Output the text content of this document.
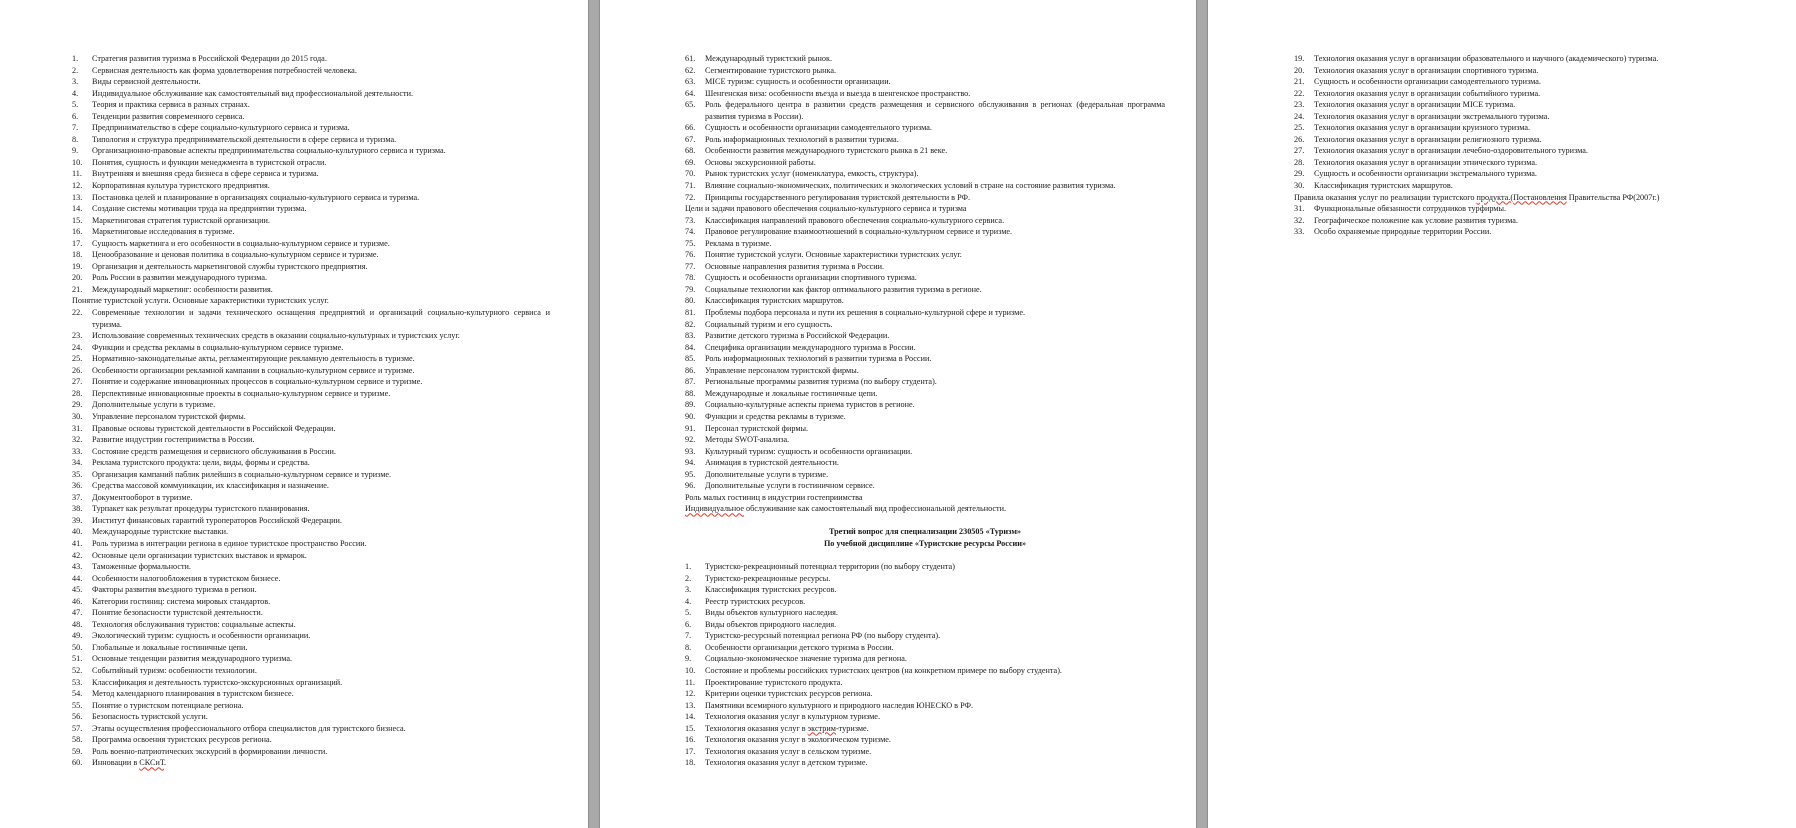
1.	Стратегия развития туризма в Российской Федерации до 2015 года.
2.	Сервисная деятельность как форма удовлетворения потребностей человека.
3.	Виды сервисной деятельности.
4.	Индивидуальное обслуживание как самостоятельный вид профессиональной деятельности.
5.	Теория и практика сервиса в разных странах.
6.	Тенденции развития современного сервиса.
7.	Предпринимательство в сфере социально-культурного сервиса и туризма.
8.	Типология и структура предпринимательской деятельности в сфере сервиса и туризма.
9.	Организационно-правовые аспекты предпринимательства социально-культурного сервиса и туризма.
10.	Понятия, сущность и функции менеджмента в туристской отрасли.
11.	Внутренняя и внешняя среда бизнеса в сфере сервиса и туризма.
12.	Корпоративная культура туристского предприятия.
13.	Постановка целей и планирование в организациях социально-культурного сервиса и туризма.
14.	Создание системы мотивации труда на предприятии туризма.
15.	Маркетинговая стратегия туристской организации.
16.	Маркетинговые исследования в туризме.
17.	Сущность маркетинга и его особенности в социально-культурном сервисе и туризме.
18.	Ценообразование и ценовая политика в социально-культурном сервисе и туризме.
19.	Организация и деятельность маркетинговой службы туристского предприятия.
20.	Роль России в развитии международного туризма.
21.	Международный маркетинг: особенности развития.
Понятие туристской услуги. Основные характеристики туристских услуг.
22.	Современные технологии и задачи технического оснащения предприятий и организаций социально-культурного сервиса и туризма.
23.	Использование современных технических средств в оказании социально-культурных и туристских услуг.
24.	Функции и средства рекламы в социально-культурном сервисе туризме.
25.	Нормативно-законодательные акты, регламентирующие рекламную деятельность в туризме.
26.	Особенности организации рекламной кампании в социально-культурном сервисе и туризме.
27.	Понятие и содержание инновационных процессов в социально-культурном сервисе и туризме.
28.	Перспективные инновационные проекты в социально-культурном сервисе и туризме.
29.	Дополнительные услуги в туризме.
30.	Управление персоналом туристской фирмы.
31.	Правовые основы туристской деятельности в Российской Федерации.
32.	Развитие индустрии гостеприимства в России.
33.	Состояние средств размещения и сервисного обслуживания в России.
34.	Реклама туристского продукта: цели, виды, формы и средства.
35.	Организация кампаний паблик рилейшнз в социально-культурном сервисе и туризме.
36.	Средства массовой коммуникации, их классификация и назначение.
37.	Документооборот в туризме.
38.	Турпакет как результат процедуры туристского планирования.
39.	Институт финансовых гарантий туроператоров Российской Федерации.
40.	Международные туристские выставки.
41.	Роль туризма в интеграции региона в единое туристское пространство России.
42.	Основные цели организации туристских выставок и ярмарок.
43.	Таможенные формальности.
44.	Особенности налогообложения в туристском бизнесе.
45.	Факторы развития въездного туризма в регион.
46.	Категории гостиниц: система мировых стандартов.
47.	Понятие безопасности туристской деятельности.
48.	Технология обслуживания туристов: социальные аспекты.
49.	Экологический туризм: сущность и особенности организации.
50.	Глобальные и локальные гостиничные цепи.
51.	Основные тенденции развития международного туризма.
52.	Событийный туризм: особенности технологии.
53.	Классификация и деятельность туристско-экскурсионных организаций.
54.	Метод календарного планирования в туристском бизнесе.
55.	Понятие о туристском потенциале региона.
56.	Безопасность туристской услуги.
57.	Этапы осуществления профессионального отбора специалистов для туристского бизнеса.
58.	Программа освоения туристских ресурсов региона.
59.	Роль военно-патриотических экскурсий в формировании личности.
60.	Инновации в СКСиТ.
61.	Международный туристский рынок.
62.	Сегментирование туристского рынка.
63.	MICE туризм: сущность и особенности организации.
64.	Шенгенская виза: особенности въезда и выезда в шенгенское пространство.
65.	Роль федерального центра в развитии средств размещения и сервисного обслуживания в регионах (федеральная программа развития туризма в России).
66.	Сущность и особенности организации самодеятельного туризма.
67.	Роль информационных технологий в развитии туризма.
68.	Особенности развития международного туристского рынка в 21 веке.
69.	Основы экскурсионной работы.
70.	Рынок туристских услуг (номенклатура, емкость, структура).
71.	Влияние социально-экономических, политических и экологических условий в стране на состояние развития туризма.
72.	Принципы государственного регулирования туристской деятельности в РФ.
Цели и задачи правового обеспечения социально-культурного сервиса и туризма
73.	Классификация направлений правового обеспечения социально-культурного сервиса.
74.	Правовое регулирование взаимоотношений в социально-культурном сервисе и туризме.
75.	Реклама в туризме.
76.	Понятие туристской услуги. Основные характеристики туристских услуг.
77.	Основные направления развития туризма в России.
78.	Сущность и особенности организации спортивного туризма.
79.	Социальные технологии как фактор оптимального развития туризма в регионе.
80.	Классификация туристских маршрутов.
81.	Проблемы подбора персонала и пути их решения в социально-культурной сфере и туризме.
82.	Социальный туризм и его сущность.
83.	Развитие детского туризма в Российской Федерации.
84.	Специфика организации международного туризма в России.
85.	Роль информационных технологий в развитии туризма в России.
86.	Управление персоналом туристской фирмы.
87.	Региональные программы развития туризма (по выбору студента).
88.	Международные и локальные гостиничные цепи.
89.	Социально-культурные аспекты приема туристов в регионе.
90.	Функции и средства рекламы в туризме.
91.	Персонал туристской фирмы.
92.	Методы SWOT-анализа.
93.	Культурный туризм: сущность и особенности организации.
94.	Анимация в туристской деятельности.
95.	Дополнительные услуги в туризме.
96.	Дополнительные услуги в гостиничном сервисе.
Роль малых гостиниц в индустрии гостеприимства
Индивидуальное обслуживание как самостоятельный вид профессиональной деятельности.
Третий вопрос для специализации 230505 «Туризм»
По учебной дисциплине «Туристские ресурсы России»
1.	Туристско-рекреационный потенциал территории (по выбору студента)
2.	Туристско-рекреационные ресурсы.
3.	Классификация туристских ресурсов.
4.	Реестр туристских ресурсов.
5.	Виды объектов культурного наследия.
6.	Виды объектов природного наследия.
7.	Туристско-ресурсный потенциал региона РФ (по выбору студента).
8.	Особенности организации детского туризма в России.
9.	Социально-экономическое значение туризма для региона.
10.	Состояние и проблемы российских туристских центров (на конкретном примере по выбору студента).
11.	Проектирование туристского продукта.
12.	Критерии оценки туристских ресурсов региона.
13.	Памятники всемирного культурного и природного наследия ЮНЕСКО в РФ.
14.	Технология оказания услуг в культурном туризме.
15.	Технология оказания услуг в экстрим-туризме.
16.	Технология оказания услуг в экологическом туризме.
17.	Технология оказания услуг в сельском туризме.
18.	Технология оказания услуг в детском туризме.
19.	Технология оказания услуг в организации образовательного и научного (академического) туризма.
20.	Технология оказания услуг в организации спортивного туризма.
21.	Сущность и особенности организации самодеятельного туризма.
22.	Технология оказания услуг в организации событийного туризма.
23.	Технология оказания услуг в организации MICE туризма.
24.	Технология оказания услуг в организации экстремального туризма.
25.	Технология оказания услуг в организации круизного туризма.
26.	Технология оказания услуг в организации религиозного туризма.
27.	Технология оказания услуг в организации лечебно-оздоровительного туризма.
28.	Технология оказания услуг в организации этнического туризма.
29.	Сущность и особенности организации экстремального туризма.
30.	Классификация туристских маршрутов.
Правила оказания услуг по реализации туристского продукта.(Постановления Правительства РФ(2007г.)
31.	Функциональные обязанности сотрудников турфирмы.
32.	Географическое положение как условие развития туризма.
33.	Особо охраняемые природные территории России.
